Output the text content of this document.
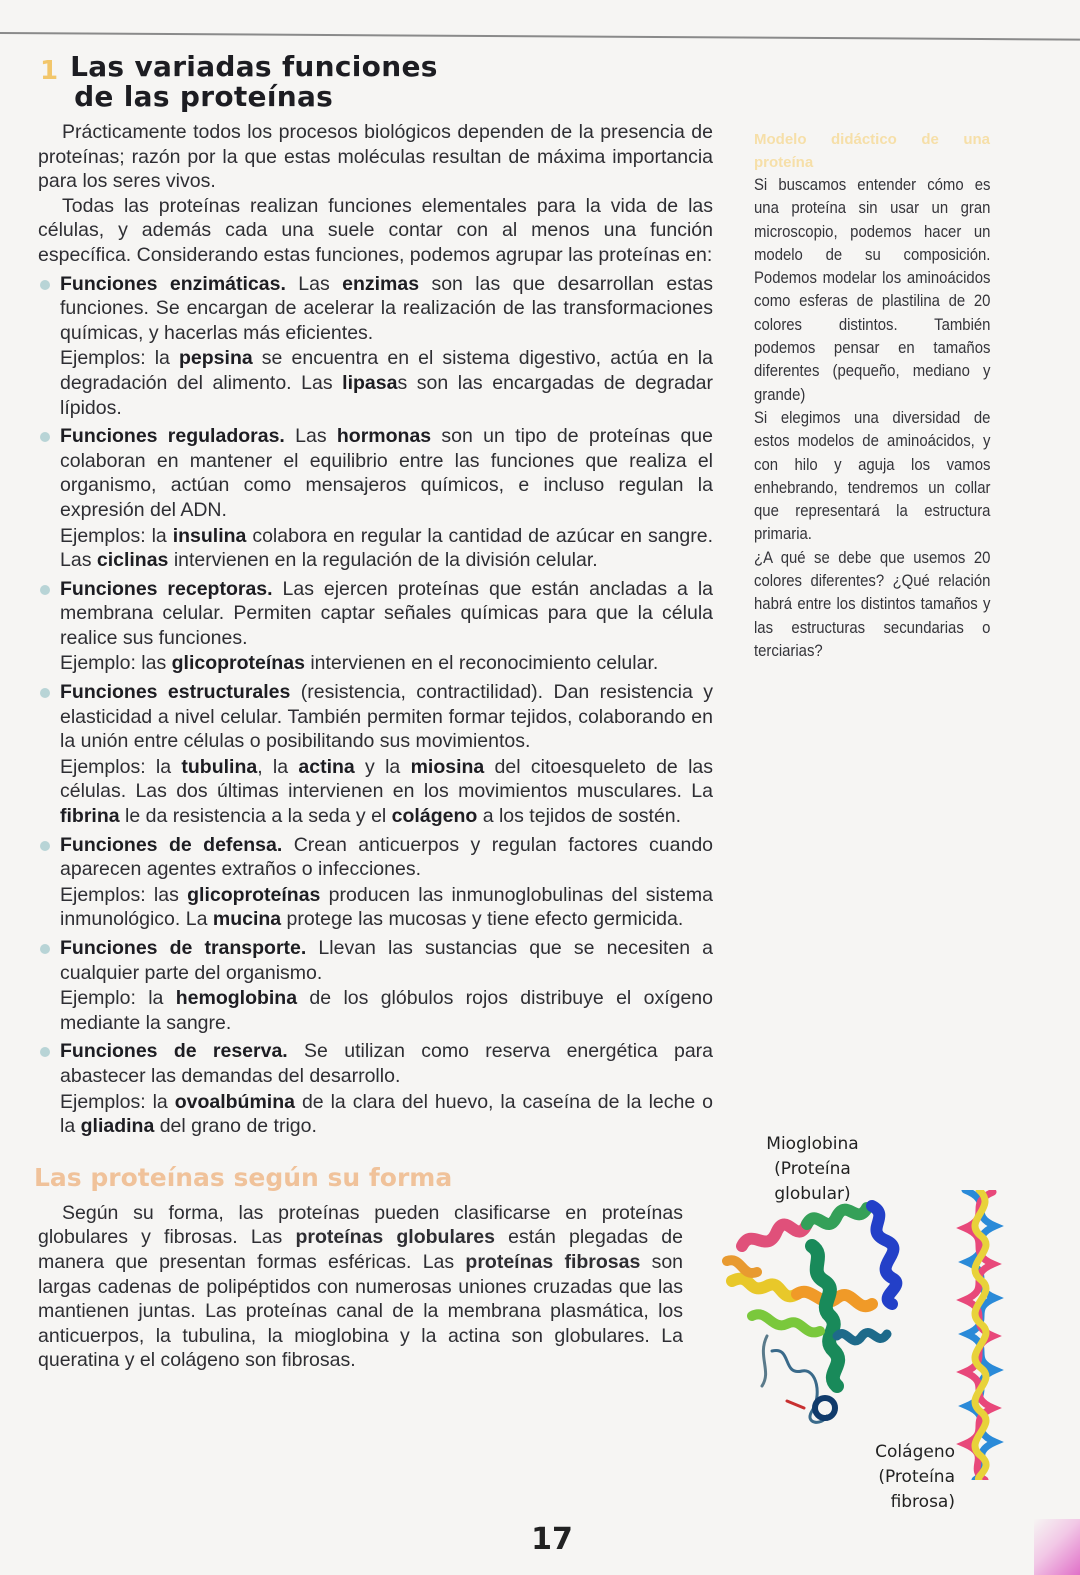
1 Las variadas funciones
de las proteínas

Prácticamente todos los procesos biológicos dependen de la presencia de proteínas; razón por la que estas moléculas resultan de máxima importancia para los seres vivos.

Todas las proteínas realizan funciones elementales para la vida de las células, y además cada una suele contar con al menos una función específica. Considerando estas funciones, podemos agrupar las proteínas en:

Funciones enzimáticas. Las enzimas son las que desarrollan estas funciones. Se encargan de acelerar la realización de las transformaciones químicas, y hacerlas más eficientes.

Ejemplos: la pepsina se encuentra en el sistema digestivo, actúa en la degradación del alimento. Las lipasas son las encargadas de degradar lípidos.

Funciones reguladoras. Las hormonas son un tipo de proteínas que colaboran en mantener el equilibrio entre las funciones que realiza el organismo, actúan como mensajeros químicos, e incluso regulan la expresión del ADN.

Ejemplos: la insulina colabora en regular la cantidad de azúcar en sangre. Las ciclinas intervienen en la regulación de la división celular.

Funciones receptoras. Las ejercen proteínas que están ancladas a la membrana celular. Permiten captar señales químicas para que la célula realice sus funciones.

Ejemplo: las glicoproteínas intervienen en el reconocimiento celular.

Funciones estructurales (resistencia, contractilidad). Dan resistencia y elasticidad a nivel celular. También permiten formar tejidos, colaborando en la unión entre células o posibilitando sus movimientos.

Ejemplos: la tubulina, la actina y la miosina del citoesqueleto de las células. Las dos últimas intervienen en los movimientos musculares. La fibrina le da resistencia a la seda y el colágeno a los tejidos de sostén.

Funciones de defensa. Crean anticuerpos y regulan factores cuando aparecen agentes extraños o infecciones.

Ejemplos: las glicoproteínas producen las inmunoglobulinas del sistema inmunológico. La mucina protege las mucosas y tiene efecto germicida.

Funciones de transporte. Llevan las sustancias que se necesiten a cualquier parte del organismo.

Ejemplo: la hemoglobina de los glóbulos rojos distribuye el oxígeno mediante la sangre.

Funciones de reserva. Se utilizan como reserva energética para abastecer las demandas del desarrollo.

Ejemplos: la ovoalbúmina de la clara del huevo, la caseína de la leche o la gliadina del grano de trigo.

Las proteínas según su forma

Según su forma, las proteínas pueden clasificarse en proteínas globulares y fibrosas. Las proteínas globulares están plegadas de manera que presentan formas esféricas. Las proteínas fibrosas son largas cadenas de polipéptidos con numerosas uniones cruzadas que las mantienen juntas. Las proteínas canal de la membrana plasmática, los anticuerpos, la tubulina, la mioglobina y la actina son globulares. La queratina y el colágeno son fibrosas.

Modelo didáctico de una proteína

Si buscamos entender cómo es una proteína sin usar un gran microscopio, podemos hacer un modelo de su composición. Podemos modelar los aminoácidos como esferas de plastilina de 20 colores distintos. También podemos pensar en tamaños diferentes (pequeño, mediano y grande)

Si elegimos una diversidad de estos modelos de aminoácidos, y con hilo y aguja los vamos enhebrando, tendremos un collar que representará la estructura primaria.

¿A qué se debe que usemos 20 colores diferentes? ¿Qué relación habrá entre los distintos tamaños y las estructuras secundarias o terciarias?

Mioglobina
(Proteína globular)
Colágeno
(Proteína fibrosa)
17
